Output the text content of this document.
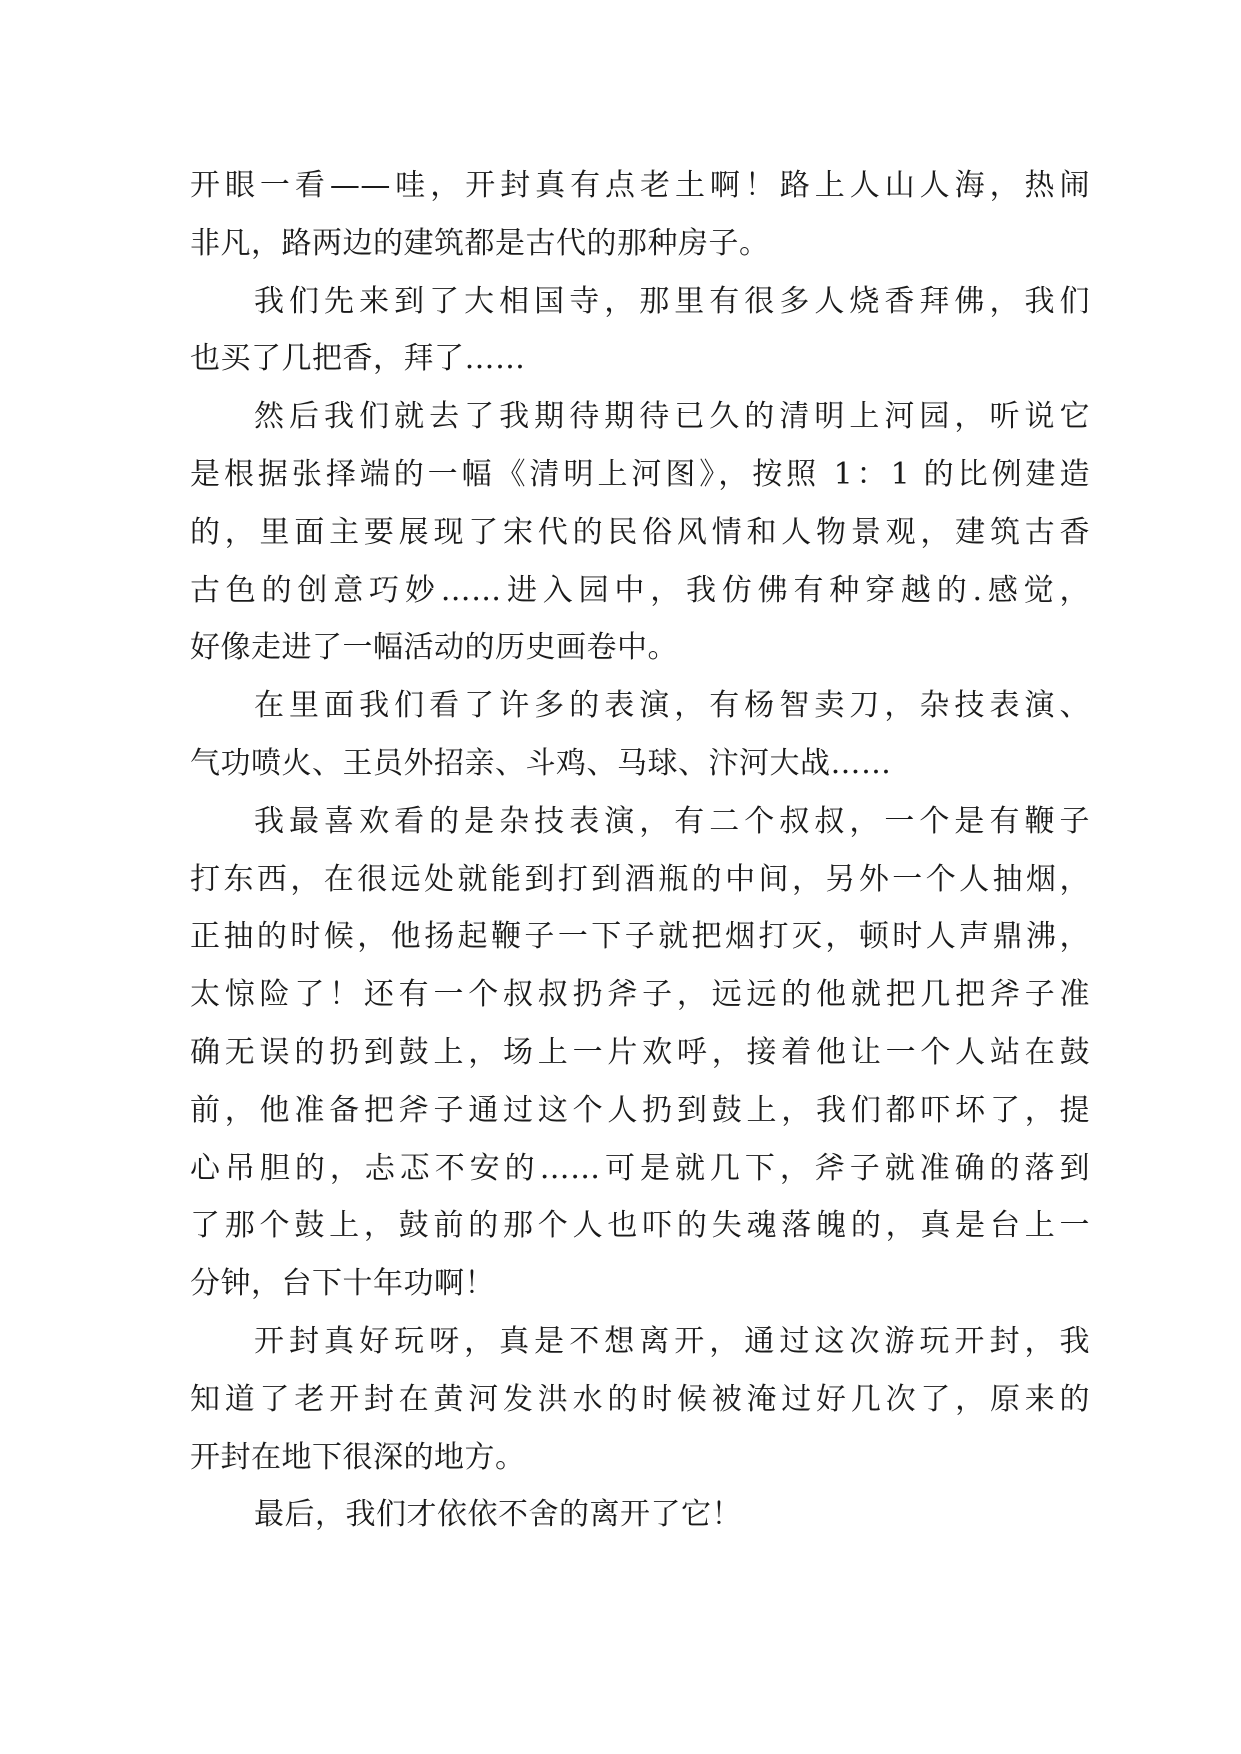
开眼一看——哇，开封真有点老土啊！路上人山人海，热闹
非凡，路两边的建筑都是古代的那种房子。
我们先来到了大相国寺，那里有很多人烧香拜佛，我们
也买了几把香，拜了……
然后我们就去了我期待期待已久的清明上河园，听说它
是根据张择端的一幅《清明上河图》，按照 1：1 的比例建造
的，里面主要展现了宋代的民俗风情和人物景观，建筑古香
古色的创意巧妙……进入园中，我仿佛有种穿越的.感觉，
好像走进了一幅活动的历史画卷中。
在里面我们看了许多的表演，有杨智卖刀，杂技表演、
气功喷火、王员外招亲、斗鸡、马球、汴河大战……
我最喜欢看的是杂技表演，有二个叔叔，一个是有鞭子
打东西，在很远处就能到打到酒瓶的中间，另外一个人抽烟，
正抽的时候，他扬起鞭子一下子就把烟打灭，顿时人声鼎沸，
太惊险了！还有一个叔叔扔斧子，远远的他就把几把斧子准
确无误的扔到鼓上，场上一片欢呼，接着他让一个人站在鼓
前，他准备把斧子通过这个人扔到鼓上，我们都吓坏了，提
心吊胆的，忐忑不安的……可是就几下，斧子就准确的落到
了那个鼓上，鼓前的那个人也吓的失魂落魄的，真是台上一
分钟，台下十年功啊！
开封真好玩呀，真是不想离开，通过这次游玩开封，我
知道了老开封在黄河发洪水的时候被淹过好几次了，原来的
开封在地下很深的地方。
最后，我们才依依不舍的离开了它！
